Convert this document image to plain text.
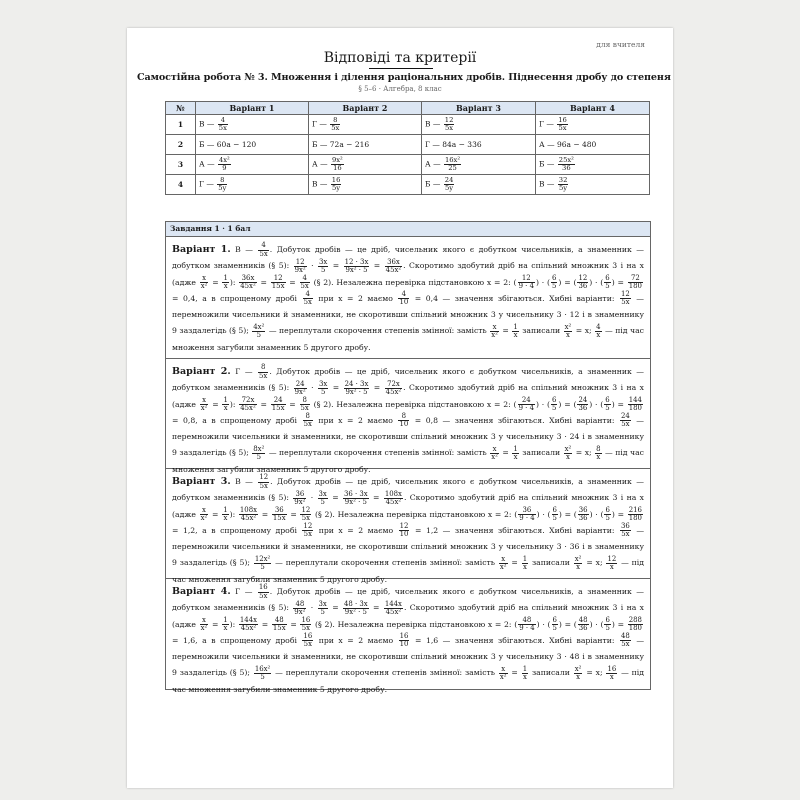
для вчителя
Відповіді та критерії
Самостійна робота № 3. Множення і ділення раціональних дробів. Піднесення дробу до степеня
§ 5–6 · Алгебра, 8 клас
№	Варіант 1	Варіант 2	Варіант 3	Варіант 4
1	В — $\frac{4}{5x}$	Г — $\frac{8}{5x}$	В — $\frac{12}{5x}$	Г — $\frac{16}{5x}$

2	Б — 60a − 120	Б — 72a − 216	Г — 84a − 336	А — 96a − 480
3	А — $\frac{\text{4x²}}{9}$	А — $\frac{\text{9x²}}{16}$	А — $\frac{\text{16x²}}{25}$	Б — $\frac{\text{25x²}}{36}$

4	Г — $\frac{8}{5y}$	В — $\frac{16}{5y}$	Б — $\frac{24}{5y}$	В — $\frac{32}{5y}$
Завдання 1 · 1 бал
Варіант 1. В — $\frac{4}{5x}$ . Добуток дробів — це дріб, чисельник якого є добутком чисельників, а знаменник — добутком знаменників (§ 5): $\frac{12}{\text{9x²}} \cdot \frac{3x}{5} = \frac{12 \cdot 3x}{\text{9x² · 5}} = \frac{36x}{\text{45x²}}$ . Скоротимо здобутий дріб на спільний множник 3 і на x (адже $\frac{x}{\text{x²}} = \frac{1}{x}$ ): $\frac{36x}{\text{45x²}} = \frac{12}{15x} = \frac{4}{5x}$ (§ 2). Незалежна перевірка підстановкою x = 2: ( $\frac{12}{9 \cdot 4}$ ) · ( $\frac{6}{5}$ ) = ( $\frac{12}{36}$ ) · ( $\frac{6}{5}$ ) = $\frac{72}{180}$
= 0,4, а в спрощеному дробі $\frac{4}{5x}$ при x = 2 маємо $\frac{4}{10} = 0,4$ — значення збігаються. Хибні варіанти: $\frac{12}{5x}$ — перемножили чисельники й знаменники, не скоротивши спільний множник 3 у чисельнику 3 · 12 і в знаменнику 9 заздалегідь (§ 5); $\frac{\text{4x²}}{5}$ — переплутали скорочення степенів змінної: замість $\frac{x}{\text{x²}} = \frac{1}{x}$ записали $\frac{\text{x²}}{x} = x$; $\frac{4}{x}$ — під час множення загубили знаменник 5 другого дробу.
Варіант 2. Г — $\frac{8}{5x}$ . Добуток дробів — це дріб, чисельник якого є добутком чисельників, а знаменник — добутком знаменників (§ 5): $\frac{24}{\text{9x²}} \cdot \frac{3x}{5} = \frac{24 \cdot 3x}{\text{9x² · 5}} = \frac{72x}{\text{45x²}}$ . Скоротимо здобутий дріб на спільний множник 3 і на x (адже $\frac{x}{\text{x²}} = \frac{1}{x}$ ): $\frac{72x}{\text{45x²}} = \frac{24}{15x} = \frac{8}{5x}$ (§ 2). Незалежна перевірка підстановкою x = 2: ( $\frac{24}{9 \cdot 4}$ ) · ( $\frac{6}{5}$ ) = ( $\frac{24}{36}$ ) · ( $\frac{6}{5}$ ) = $\frac{144}{180}$
= 0,8, а в спрощеному дробі $\frac{8}{5x}$ при x = 2 маємо $\frac{8}{10} = 0,8$ — значення збігаються. Хибні варіанти: $\frac{24}{5x}$ — перемножили чисельники й знаменники, не скоротивши спільний множник 3 у чисельнику 3 · 24 і в знаменнику 9 заздалегідь (§ 5); $\frac{\text{8x²}}{5}$ — переплутали скорочення степенів змінної: замість $\frac{x}{\text{x²}} = \frac{1}{x}$ записали $\frac{\text{x²}}{x} = x$; $\frac{8}{x}$ — під час множення загубили знаменник 5 другого дробу.
Варіант 3. В — $\frac{12}{5x}$ . Добуток дробів — це дріб, чисельник якого є добутком чисельників, а знаменник — добутком знаменників (§ 5): $\frac{36}{\text{9x²}} \cdot \frac{3x}{5} = \frac{36 \cdot 3x}{\text{9x² · 5}} = \frac{108x}{\text{45x²}}$ . Скоротимо здобутий дріб на спільний множник 3 і на x (адже $\frac{x}{\text{x²}} = \frac{1}{x}$ ): $\frac{108x}{\text{45x²}} = \frac{36}{15x} = \frac{12}{5x}$ (§ 2). Незалежна перевірка підстановкою x = 2: ( $\frac{36}{9 \cdot 4}$ ) · ( $\frac{6}{5}$ ) = ( $\frac{36}{36}$ ) · ( $\frac{6}{5}$ ) = $\frac{216}{180}$
= 1,2, а в спрощеному дробі $\frac{12}{5x}$ при x = 2 маємо $\frac{12}{10} = 1,2$ — значення збігаються. Хибні варіанти: $\frac{36}{5x}$ — перемножили чисельники й знаменники, не скоротивши спільний множник 3 у чисельнику 3 · 36 і в знаменнику 9 заздалегідь (§ 5); $\frac{\text{12x²}}{5}$ — переплутали скорочення степенів змінної: замість $\frac{x}{\text{x²}} = \frac{1}{x}$ записали $\frac{\text{x²}}{x} = x$; $\frac{12}{x}$ — під час множення загубили знаменник 5 другого дробу.
Варіант 4. Г — $\frac{16}{5x}$ . Добуток дробів — це дріб, чисельник якого є добутком чисельників, а знаменник — добутком знаменників (§ 5): $\frac{48}{\text{9x²}} \cdot \frac{3x}{5} = \frac{48 \cdot 3x}{\text{9x² · 5}} = \frac{144x}{\text{45x²}}$ . Скоротимо здобутий дріб на спільний множник 3 і на x (адже $\frac{x}{\text{x²}} = \frac{1}{x}$ ): $\frac{144x}{\text{45x²}} = \frac{48}{15x} = \frac{16}{5x}$ (§ 2). Незалежна перевірка підстановкою x = 2: ( $\frac{48}{9 \cdot 4}$ ) · ( $\frac{6}{5}$ ) = ( $\frac{48}{36}$ ) · ( $\frac{6}{5}$ ) = $\frac{288}{180}$
= 1,6, а в спрощеному дробі $\frac{16}{5x}$ при x = 2 маємо $\frac{16}{10} = 1,6$ — значення збігаються. Хибні варіанти: $\frac{48}{5x}$ — перемножили чисельники й знаменники, не скоротивши спільний множник 3 у чисельнику 3 · 48 і в знаменнику 9 заздалегідь (§ 5); $\frac{\text{16x²}}{5}$ — переплутали скорочення степенів змінної: замість $\frac{x}{\text{x²}} = \frac{1}{x}$ записали $\frac{\text{x²}}{x} = x$; $\frac{16}{x}$ — під час множення загубили знаменник 5 другого дробу.
